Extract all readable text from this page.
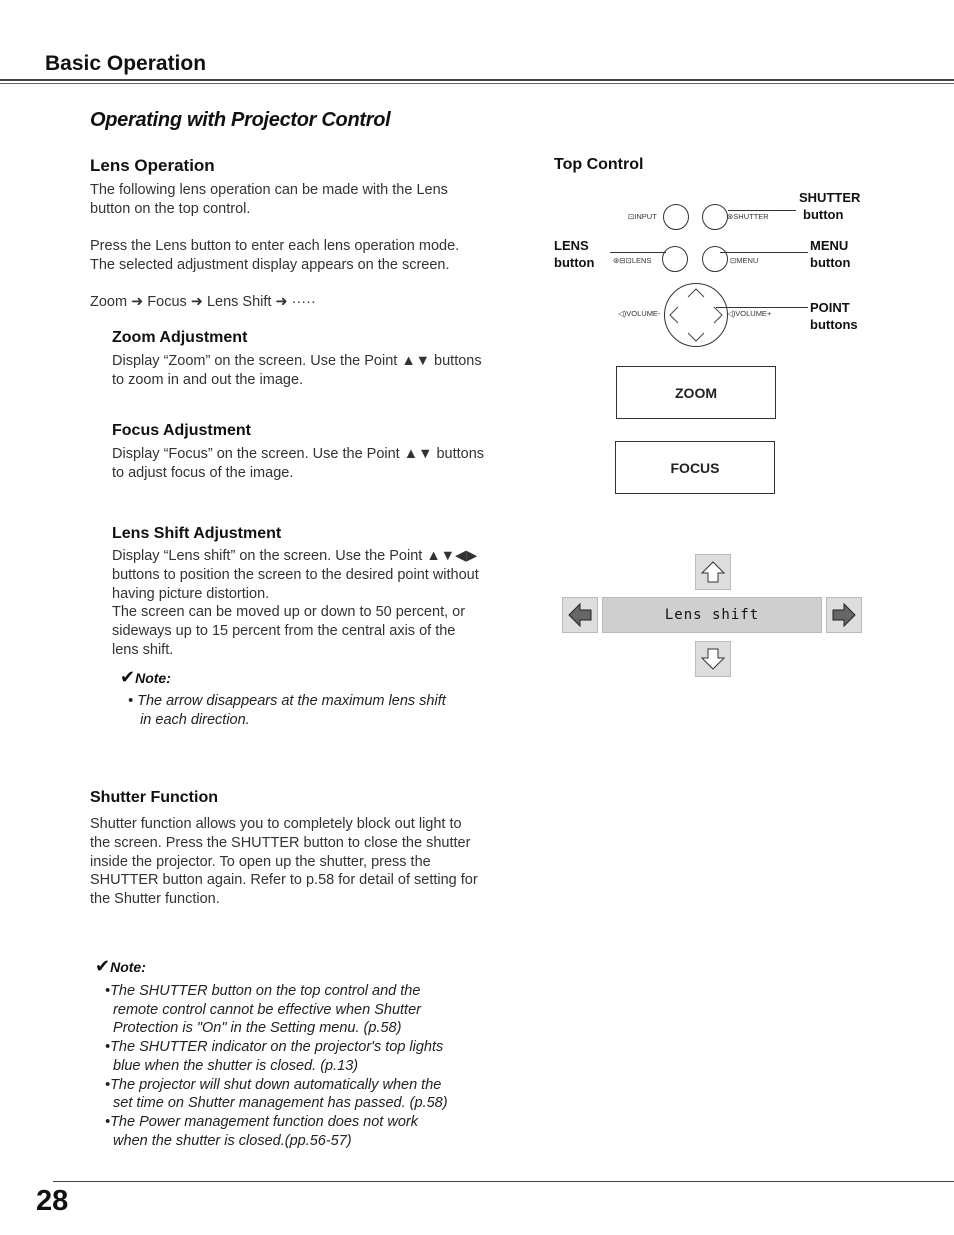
Basic Operation
Operating with Projector Control
Lens Operation
The following lens operation can be made with the Lens
button on the top control.
Press the Lens button to enter each lens operation mode.
The selected adjustment display appears on the screen.
Zoom ➜ Focus ➜ Lens Shift ➜ ·····
Zoom Adjustment
Display “Zoom” on the screen. Use the Point ▲▼ buttons
to zoom in and out the image.
Focus Adjustment
Display “Focus” on the screen. Use the Point ▲▼ buttons
to adjust focus of the image.
Lens Shift Adjustment
Display “Lens shift” on the screen. Use the Point ▲▼◀▶
buttons to position the screen to the desired point without
having picture distortion.
The screen can be moved up or down to 50 percent, or
sideways up to 15 percent from the central axis of the
lens shift.
✔Note:
• The arrow disappears at the maximum lens shift
in each direction.
Shutter Function
Shutter function allows you to completely block out light to
the screen. Press the SHUTTER button to close the shutter
inside the projector. To open up the shutter, press the
SHUTTER button again. Refer to p.58 for detail of setting for
the Shutter function.
✔Note:
•The SHUTTER button on the top control and the
remote control cannot be effective when Shutter
Protection is "On" in the Setting menu. (p.58)
•The SHUTTER indicator on the projector's top lights
blue when the shutter is closed. (p.13)
•The projector will shut down automatically when the
set time on Shutter management has passed. (p.58)
•The Power management function does not work
when the shutter is closed.(pp.56-57)
Top Control
⊡INPUT	⊛SHUTTER
⊛⊟⊡LENS	⊡MENU
◁)VOLUME-	◁)VOLUME+
SHUTTER
button
LENS
button
MENU
button
POINT
buttons
ZOOM
FOCUS
Lens shift
28
